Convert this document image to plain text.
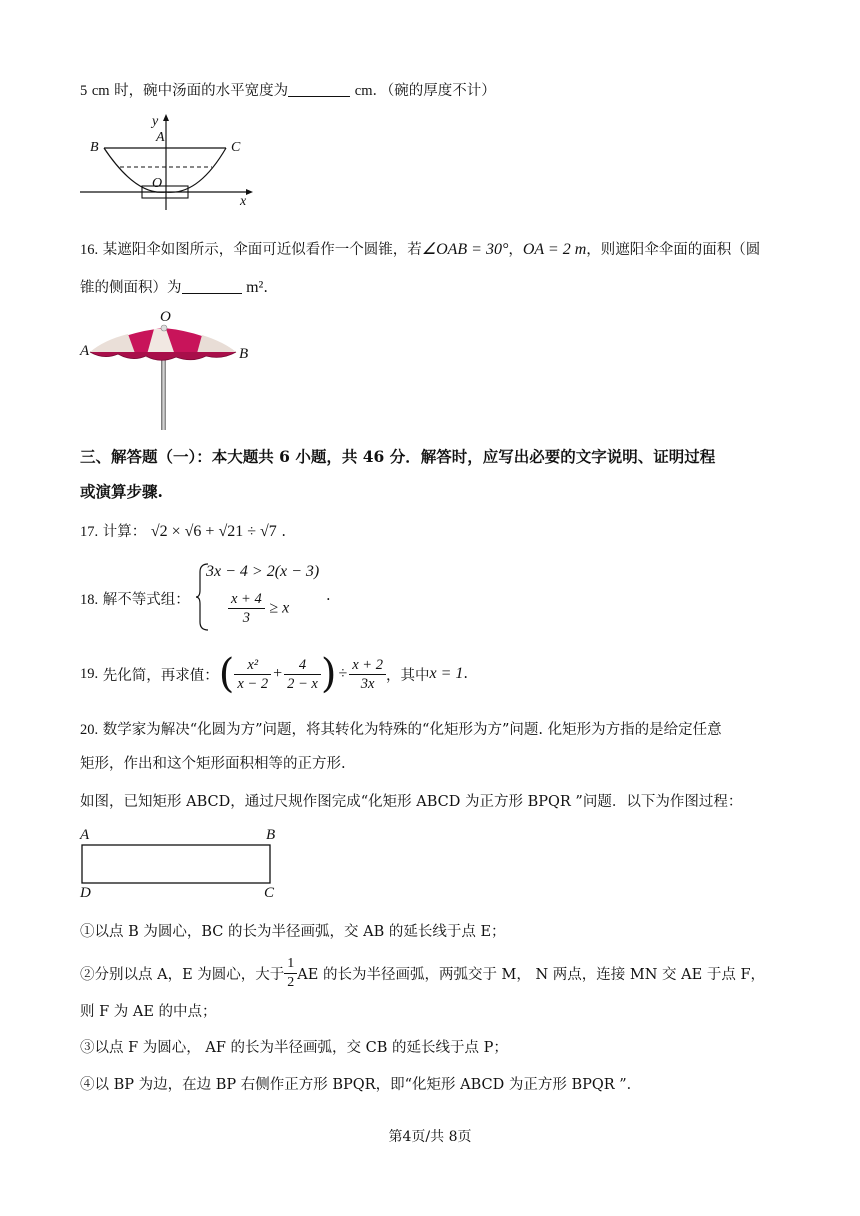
5 cm 时，碗中汤面的水平宽度为	cm．（碗的厚度不计）
y
A
B	C
O
x
16. 某遮阳伞如图所示，伞面可近似看作一个圆锥，若∠OAB = 30°，OA = 2 m，则遮阳伞伞面的面积（圆
锥的侧面积）为	m².
O
A	B
三、解答题（一）：本大题共 6 小题，共 46 分．解答时，应写出必要的文字说明、证明过程
或演算步骤.
17. 计算： √2 × √6 + √21 ÷ √7 .
18. 解不等式组：
3x − 4 > 2(x − 3)
$\frac{x + 4}{3} \ge x$
.
19.
先化简，再求值： ( $\frac{\text{x²}}{x - 2} + \frac{4}{2 - x}$ ) ÷ $\frac{x + 2}{3x}$ ，其中 x = 1 .
20. 数学家为解决“化圆为方”问题，将其转化为特殊的“化矩形为方”问题. 化矩形为方指的是给定任意
矩形，作出和这个矩形面积相等的正方形.
如图，已知矩形 ABCD，通过尺规作图完成“化矩形 ABCD 为正方形 BPQR ”问题．以下为作图过程：
A	B
D	C
①以点 B 为圆心，BC 的长为半径画弧，交 AB 的延长线于点 E；
②分别以点 A，E 为圆心，大于 $\frac{1}{2}$ AE 的长为半径画弧，两弧交于 M， N 两点，连接 MN 交 AE 于点 F，
则 F 为 AE 的中点；
③以点 F 为圆心， AF 的长为半径画弧，交 CB 的延长线于点 P；
④以 BP 为边，在边 BP 右侧作正方形 BPQR，即“化矩形 ABCD 为正方形 BPQR ”．
第4页/共 8页
